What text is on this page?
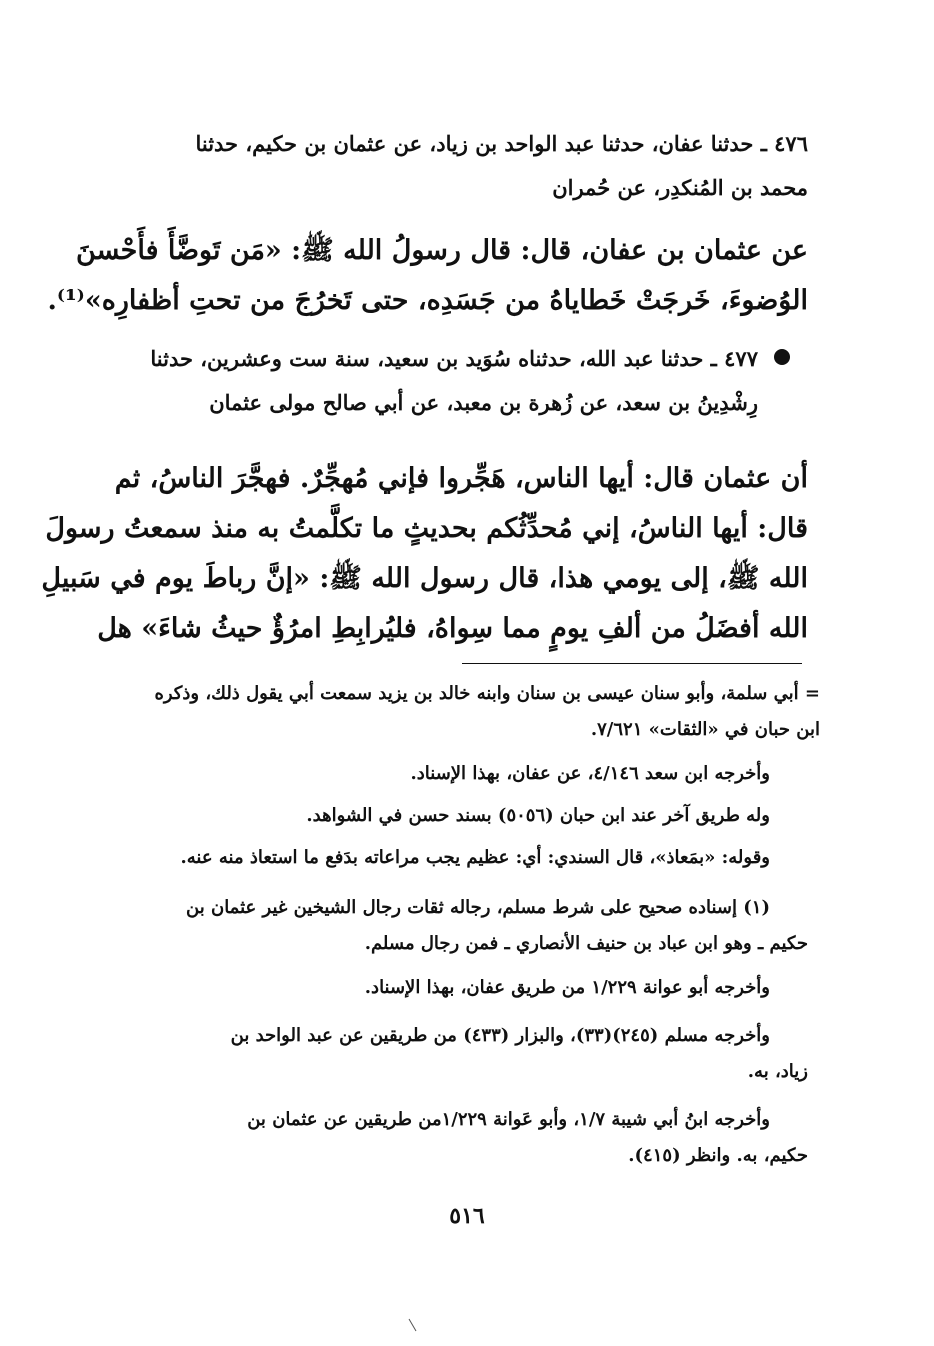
٤٧٦ ـ حدثنا عفان، حدثنا عبد الواحد بن زياد، عن عثمان بن حكيم، حدثنا
محمد بن المُنكدِر، عن حُمران
عن عثمان بن عفان، قال: قال رسولُ الله ﷺ: «مَن تَوضَّأَ فأَحْسنَ
الوُضوءَ، خَرجَتْ خَطاياهُ من جَسَدِه، حتى تَخرُجَ من تحتِ أظفارِه»⁽¹⁾.
٤٧٧ ـ حدثنا عبد الله، حدثناه سُوَيد بن سعيد، سنة ست وعشرين، حدثنا
رِشْدِينُ بن سعد، عن زُهرة بن معبد، عن أبي صالح مولى عثمان
أن عثمان قال: أيها الناس، هَجِّروا فإني مُهجِّرٌ. فهجَّرَ الناسُ، ثم
قال: أيها الناسُ، إني مُحدِّثُكم بحديثٍ ما تكلَّمتُ به منذ سمعتُ رسولَ
الله ﷺ، إلى يومي هذا، قال رسول الله ﷺ: «إنَّ رباطَ يوم في سَبيلِ
الله أفضَلُ من ألفِ يومٍ مما سِواهُ، فليُرابِطِ امرُؤٌ حيثُ شاءَ» هل
= أبي سلمة، وأبو سنان عيسى بن سنان وابنه خالد بن يزيد سمعت أبي يقول ذلك، وذكره
ابن حبان في «الثقات» ٧/٦٢١.
وأخرجه ابن سعد ٤/١٤٦، عن عفان، بهذا الإسناد.
وله طريق آخر عند ابن حبان (٥٠٥٦) بسند حسن في الشواهد.
وقوله: «بمَعاذ»، قال السندي: أي: عظيم يجب مراعاته بدَفع ما استعاذ منه عنه.
(١) إسناده صحيح على شرط مسلم، رجاله ثقات رجال الشيخين غير عثمان بن
حكيم ـ وهو ابن عباد بن حنيف الأنصاري ـ فمن رجال مسلم.
وأخرجه أبو عوانة ١/٢٢٩ من طريق عفان، بهذا الإسناد.
وأخرجه مسلم (٢٤٥)(٣٣)، والبزار (٤٣٣) من طريقين عن عبد الواحد بن
زياد، به.
وأخرجه ابنُ أبي شيبة ١/٧، وأبو عَوانة ١/٢٢٩من طريقين عن عثمان بن
حكيم، به. وانظر (٤١٥).
٥١٦
